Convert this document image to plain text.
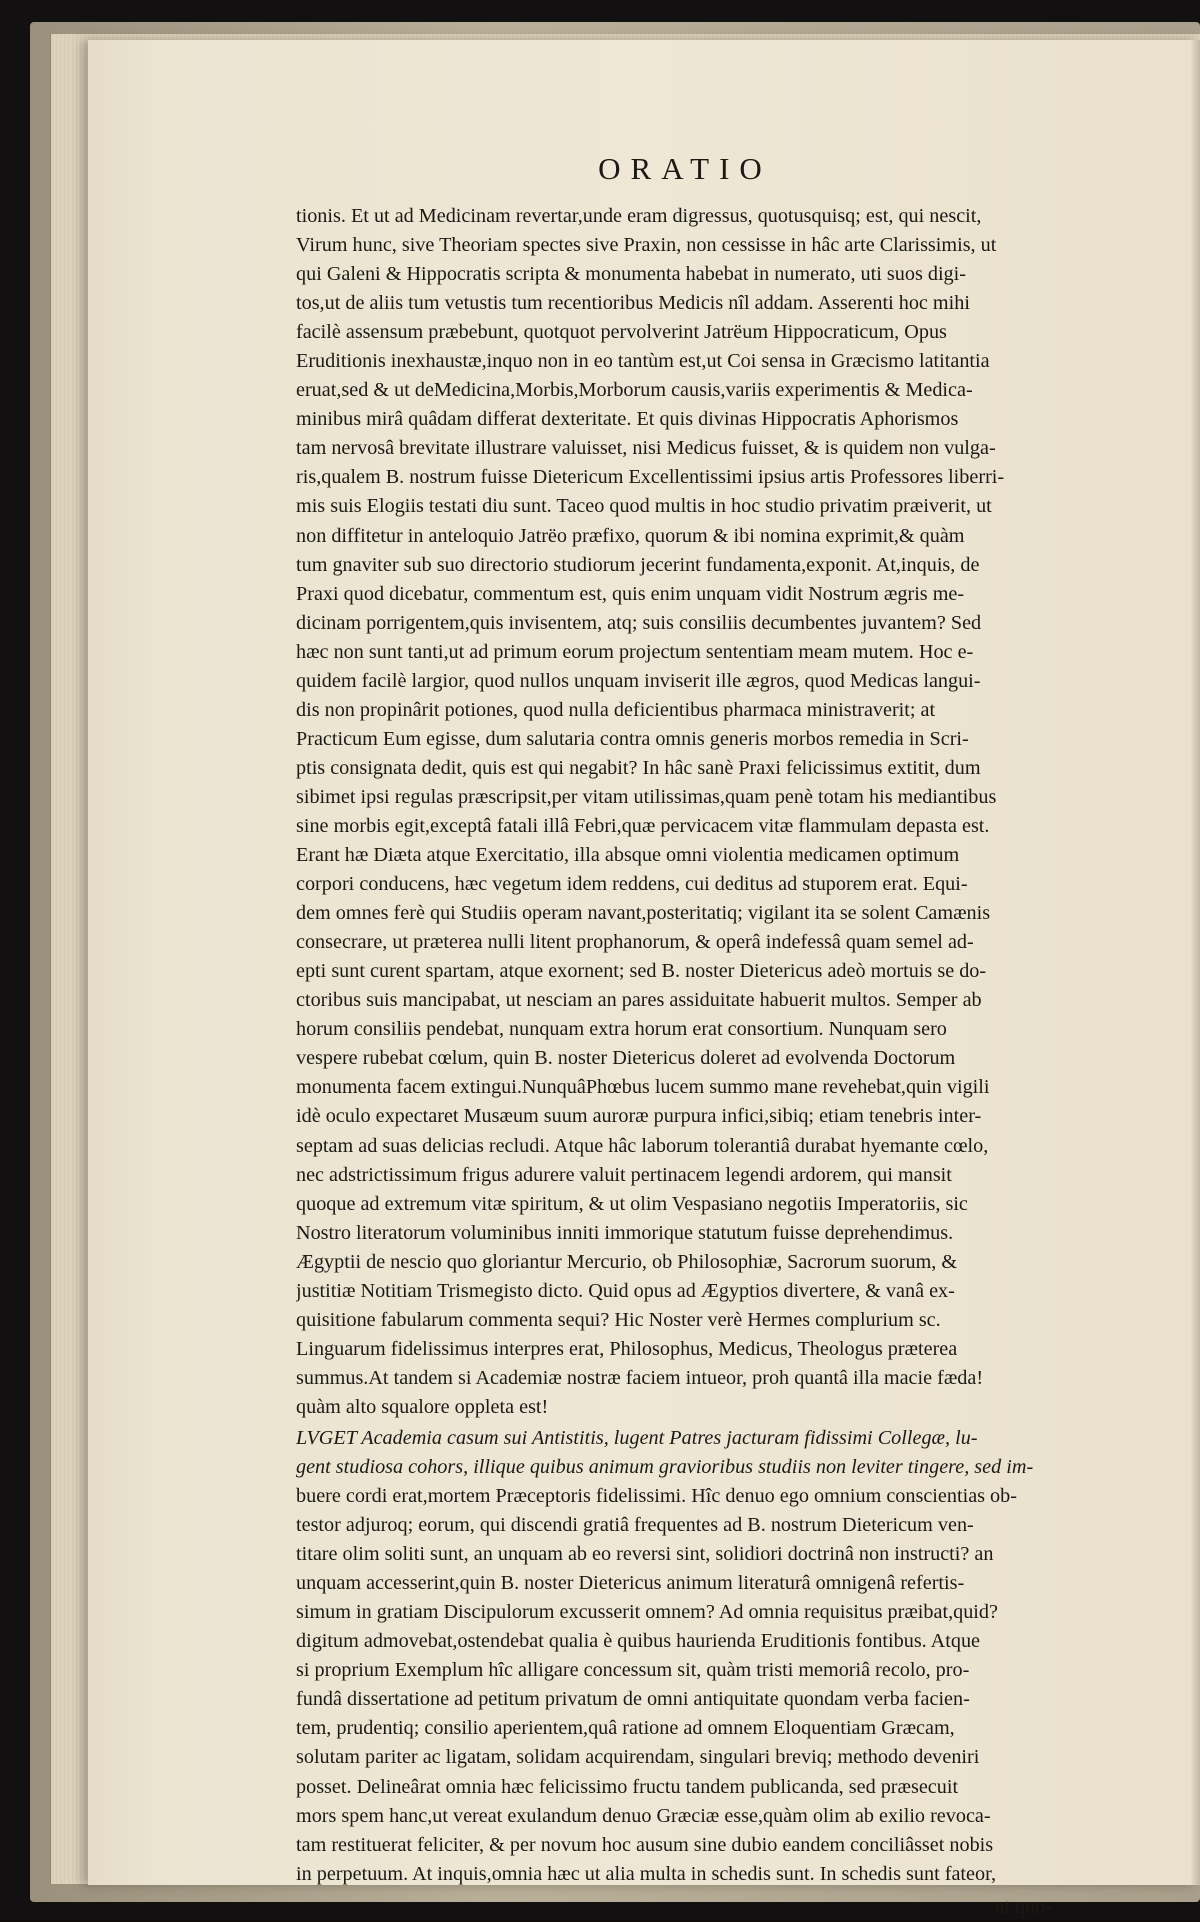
ORATIO
tionis. Et ut ad Medicinam revertar,unde eram digressus, quotusquisq; est, qui nescit,
Virum hunc, sive Theoriam spectes sive Praxin, non cessisse in hâc arte Clarissimis, ut
qui Galeni & Hippocratis scripta & monumenta habebat in numerato, uti suos digi-
tos,ut de aliis tum vetustis tum recentioribus Medicis nîl addam. Asserenti hoc mihi
facilè assensum præbebunt, quotquot pervolverint Jatrëum Hippocraticum, Opus
Eruditionis inexhaustæ,inquo non in eo tantùm est,ut Coi sensa in Græcismo latitantia
eruat,sed & ut deMedicina,Morbis,Morborum causis,variis experimentis & Medica-
minibus mirâ quâdam differat dexteritate. Et quis divinas Hippocratis Aphorismos
tam nervosâ brevitate illustrare valuisset, nisi Medicus fuisset, & is quidem non vulga-
ris,qualem B. nostrum fuisse Dietericum Excellentissimi ipsius artis Professores liberri-
mis suis Elogiis testati diu sunt. Taceo quod multis in hoc studio privatim præiverit, ut
non diffitetur in anteloquio Jatrëo præfixo, quorum & ibi nomina exprimit,& quàm
tum gnaviter sub suo directorio studiorum jecerint fundamenta,exponit. At,inquis, de
Praxi quod dicebatur, commentum est, quis enim unquam vidit Nostrum ægris me-
dicinam porrigentem,quis invisentem, atq; suis consiliis decumbentes juvantem? Sed
hæc non sunt tanti,ut ad primum eorum projectum sententiam meam mutem. Hoc e-
quidem facilè largior, quod nullos unquam inviserit ille ægros, quod Medicas langui-
dis non propinârit potiones, quod nulla deficientibus pharmaca ministraverit; at
Practicum Eum egisse, dum salutaria contra omnis generis morbos remedia in Scri-
ptis consignata dedit, quis est qui negabit? In hâc sanè Praxi felicissimus extitit, dum
sibimet ipsi regulas præscripsit,per vitam utilissimas,quam penè totam his mediantibus
sine morbis egit,exceptâ fatali illâ Febri,quæ pervicacem vitæ flammulam depasta est.
Erant hæ Diæta atque Exercitatio, illa absque omni violentia medicamen optimum
corpori conducens, hæc vegetum idem reddens, cui deditus ad stuporem erat. Equi-
dem omnes ferè qui Studiis operam navant,posteritatiq; vigilant ita se solent Camænis
consecrare, ut præterea nulli litent prophanorum, & operâ indefessâ quam semel ad-
epti sunt curent spartam, atque exornent; sed B. noster Dietericus adeò mortuis se do-
ctoribus suis mancipabat, ut nesciam an pares assiduitate habuerit multos. Semper ab
horum consiliis pendebat, nunquam extra horum erat consortium. Nunquam sero
vespere rubebat cœlum, quin B. noster Dietericus doleret ad evolvenda Doctorum
monumenta facem extingui.NunquâPhœbus lucem summo mane revehebat,quin vigili
idè oculo expectaret Musæum suum auroræ purpura infici,sibiq; etiam tenebris inter-
septam ad suas delicias recludi. Atque hâc laborum tolerantiâ durabat hyemante cœlo,
nec adstrictissimum frigus adurere valuit pertinacem legendi ardorem, qui mansit
quoque ad extremum vitæ spiritum, & ut olim Vespasiano negotiis Imperatoriis, sic
Nostro literatorum voluminibus inniti immorique statutum fuisse deprehendimus.
Ægyptii de nescio quo gloriantur Mercurio, ob Philosophiæ, Sacrorum suorum, &
justitiæ Notitiam Trismegisto dicto. Quid opus ad Ægyptios divertere, & vanâ ex-
quisitione fabularum commenta sequi? Hic Noster verè Hermes complurium sc.
Linguarum fidelissimus interpres erat, Philosophus, Medicus, Theologus præterea
summus.At tandem si Academiæ nostræ faciem intueor, proh quantâ illa macie fæda!
quàm alto squalore oppleta est!
LVGET Academia casum sui Antistitis, lugent Patres jacturam fidissimi Collegæ, lu-
gent studiosa cohors, illique quibus animum gravioribus studiis non leviter tingere, sed im-
buere cordi erat,mortem Præceptoris fidelissimi. Hîc denuo ego omnium conscientias ob-
testor adjuroq; eorum, qui discendi gratiâ frequentes ad B. nostrum Dietericum ven-
titare olim soliti sunt, an unquam ab eo reversi sint, solidiori doctrinâ non instructi? an
unquam accesserint,quin B. noster Dietericus animum literaturâ omnigenâ refertis-
simum in gratiam Discipulorum excusserit omnem? Ad omnia requisitus præibat,quid?
digitum admovebat,ostendebat qualia è quibus haurienda Eruditionis fontibus. Atque
si proprium Exemplum hîc alligare concessum sit, quàm tristi memoriâ recolo, pro-
fundâ dissertatione ad petitum privatum de omni antiquitate quondam verba facien-
tem, prudentiq; consilio aperientem,quâ ratione ad omnem Eloquentiam Græcam,
solutam pariter ac ligatam, solidam acquirendam, singulari breviq; methodo deveniri
posset. Delineârat omnia hæc felicissimo fructu tandem publicanda, sed præsecuit
mors spem hanc,ut vereat exulandum denuo Græciæ esse,quàm olim ab exilio revoca-
tam restituerat feliciter, & per novum hoc ausum sine dubio eandem conciliâsset nobis
in perpetuum. At inquis,omnia hæc ut alia multa in schedis sunt. In schedis sunt fateor,
at quo-
